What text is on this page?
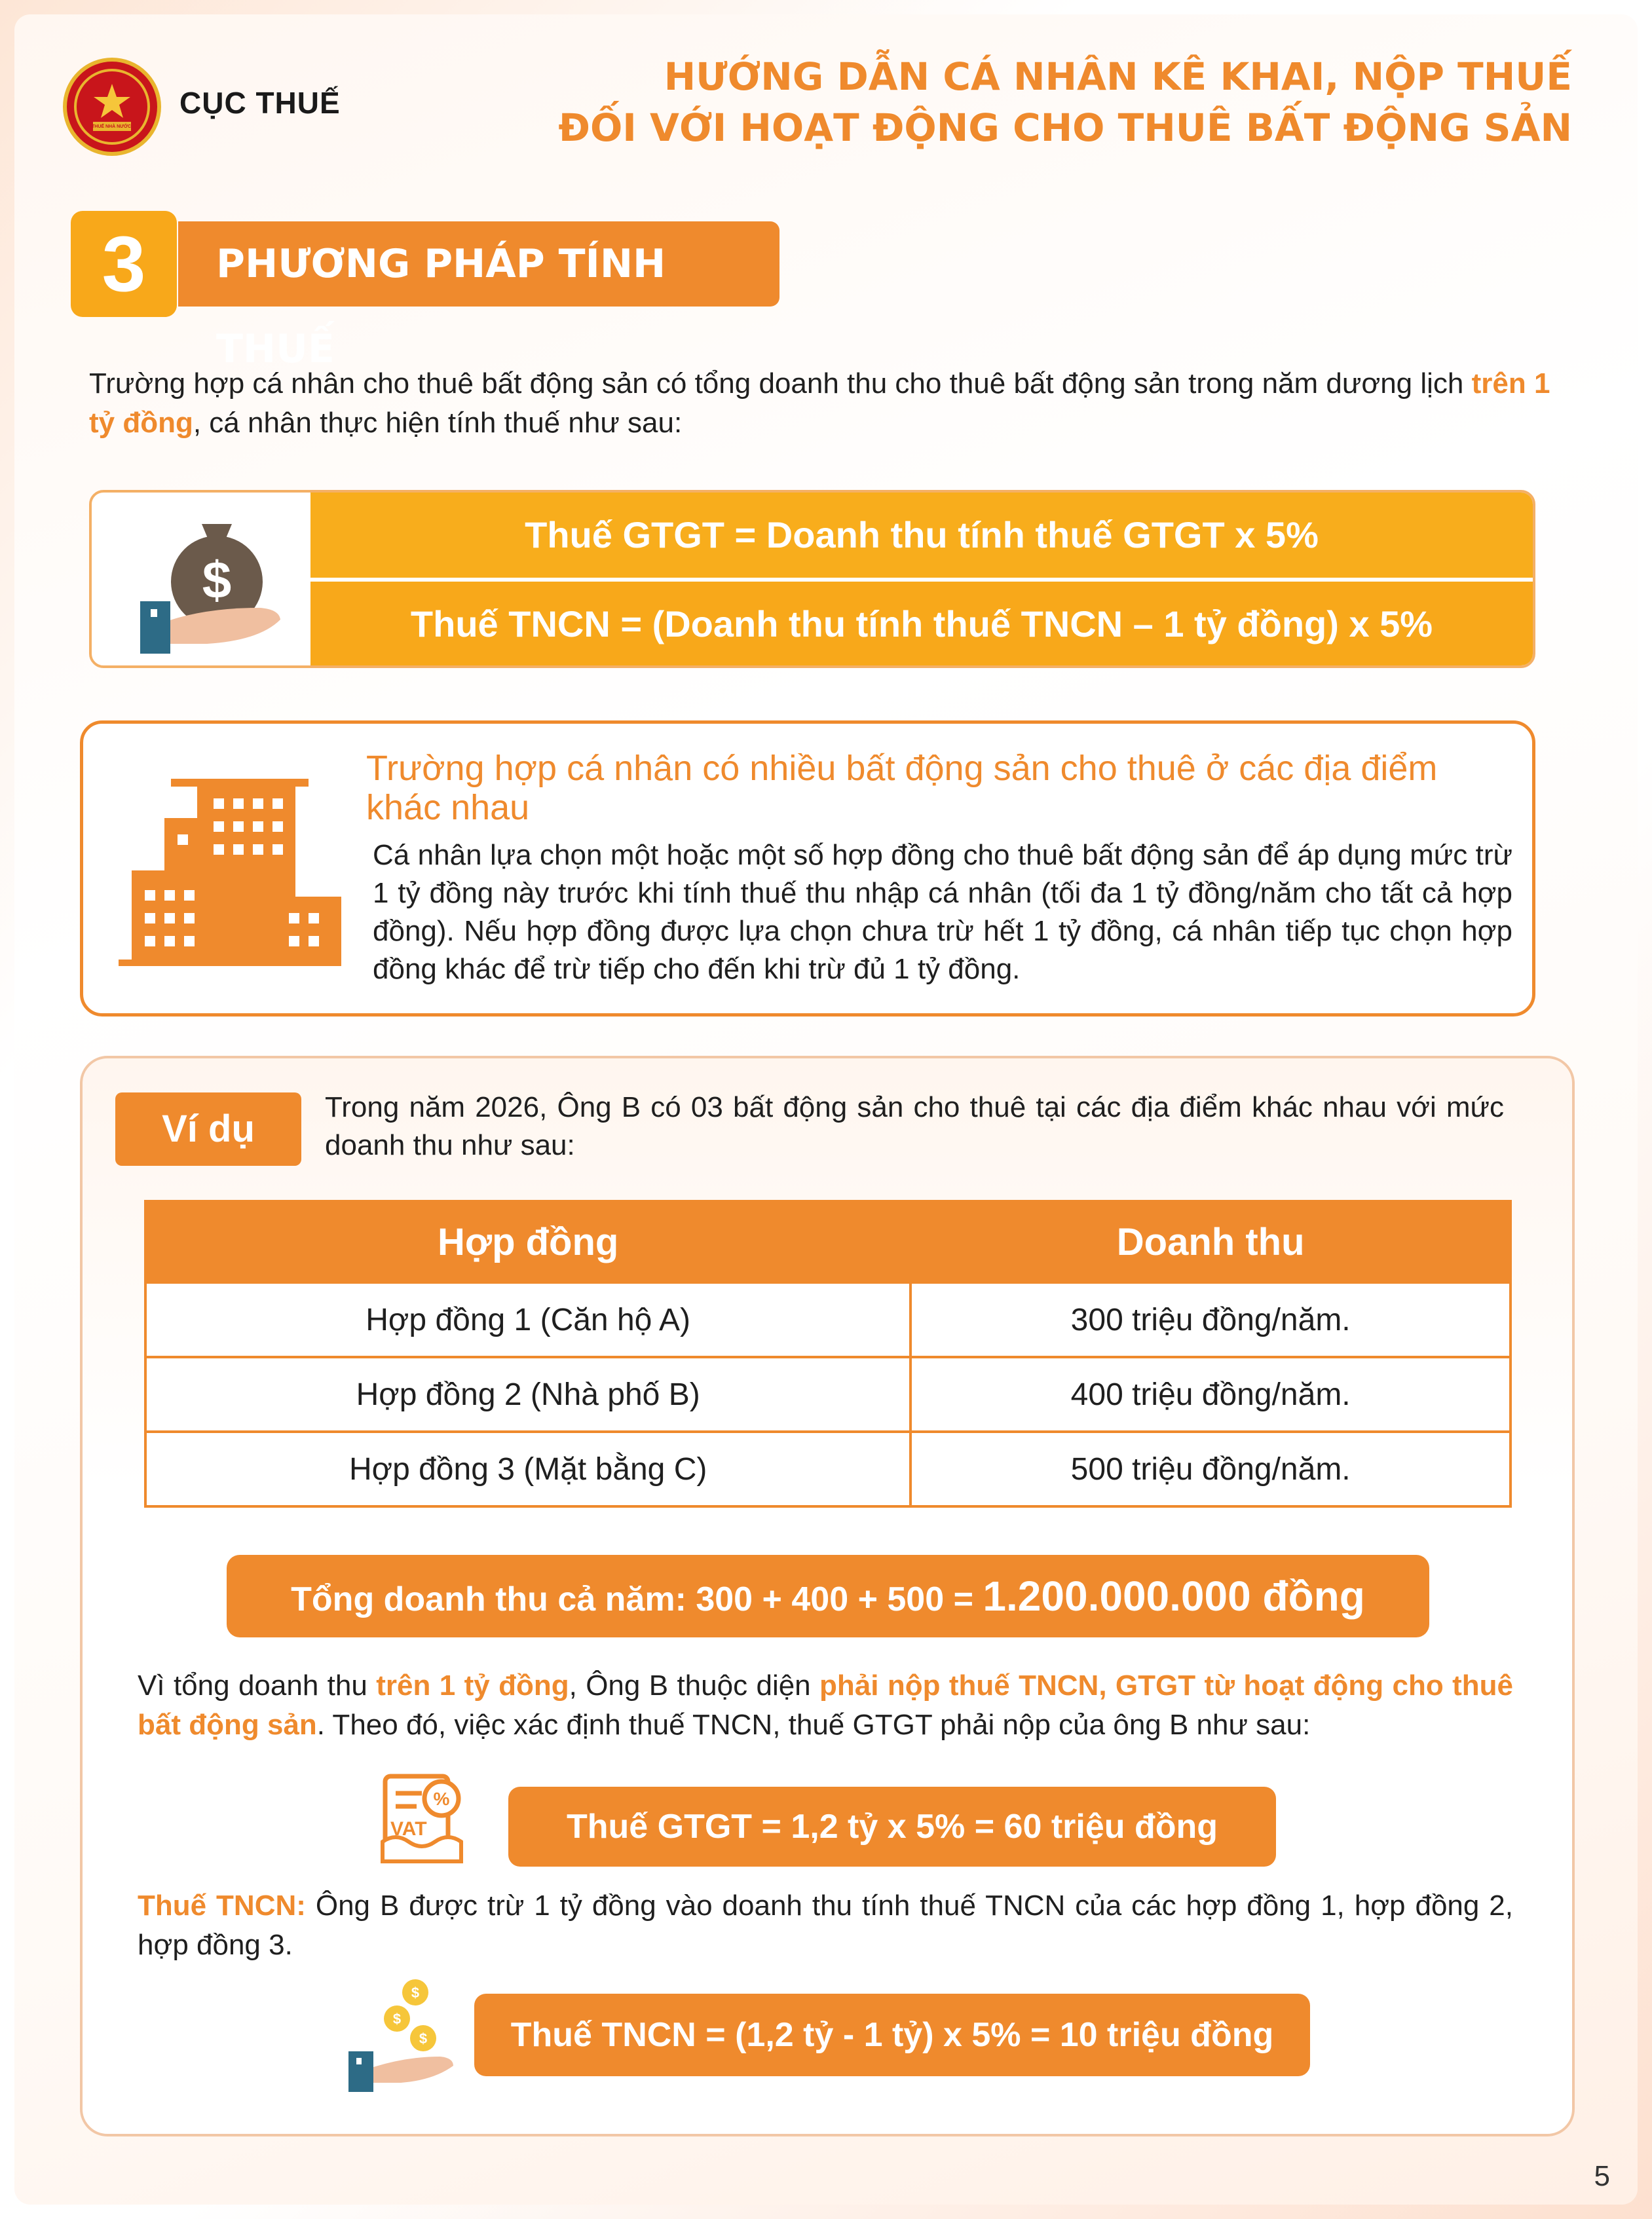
THUẾ NHÀ NƯỚC
CỤC THUẾ
HƯỚNG DẪN CÁ NHÂN KÊ KHAI, NỘP THUẾ
ĐỐI VỚI HOẠT ĐỘNG CHO THUÊ BẤT ĐỘNG SẢN
PHƯƠNG PHÁP TÍNH THUẾ
3
Trường hợp cá nhân cho thuê bất động sản có tổng doanh thu cho thuê bất động sản trong năm dương lịch trên 1 tỷ đồng, cá nhân thực hiện tính thuế như sau:
$
Thuế GTGT = Doanh thu tính thuế GTGT x 5%
Thuế TNCN = (Doanh thu tính thuế TNCN – 1 tỷ đồng) x 5%
Trường hợp cá nhân có nhiều bất động sản cho thuê ở các địa điểm khác nhau
Cá nhân lựa chọn một hoặc một số hợp đồng cho thuê bất động sản để áp dụng mức trừ 1 tỷ đồng này trước khi tính thuế thu nhập cá nhân (tối đa 1 tỷ đồng/năm cho tất cả hợp đồng). Nếu hợp đồng được lựa chọn chưa trừ hết 1 tỷ đồng, cá nhân tiếp tục chọn hợp đồng khác để trừ tiếp cho đến khi trừ đủ 1 tỷ đồng.
Ví dụ
Trong năm 2026, Ông B có 03 bất động sản cho thuê tại các địa điểm khác nhau với mức doanh thu như sau:
Hợp đồng	Doanh thu
Hợp đồng 1 (Căn hộ A)	300 triệu đồng/năm.
Hợp đồng 2 (Nhà phố B)	400 triệu đồng/năm.
Hợp đồng 3 (Mặt bằng C)	500 triệu đồng/năm.
Tổng doanh thu cả năm: 300 + 400 + 500 = 1.200.000.000 đồng
Vì tổng doanh thu trên 1 tỷ đồng, Ông B thuộc diện phải nộp thuế TNCN, GTGT từ hoạt động cho thuê bất động sản. Theo đó, việc xác định thuế TNCN, thuế GTGT phải nộp của ông B như sau:
%
VAT	Thuế GTGT = 1,2 tỷ x 5% = 60 triệu đồng
Thuế TNCN: Ông B được trừ 1 tỷ đồng vào doanh thu tính thuế TNCN của các hợp đồng 1, hợp đồng 2, hợp đồng 3.
$
$
$	Thuế TNCN = (1,2 tỷ - 1 tỷ) x 5% = 10 triệu đồng
5
